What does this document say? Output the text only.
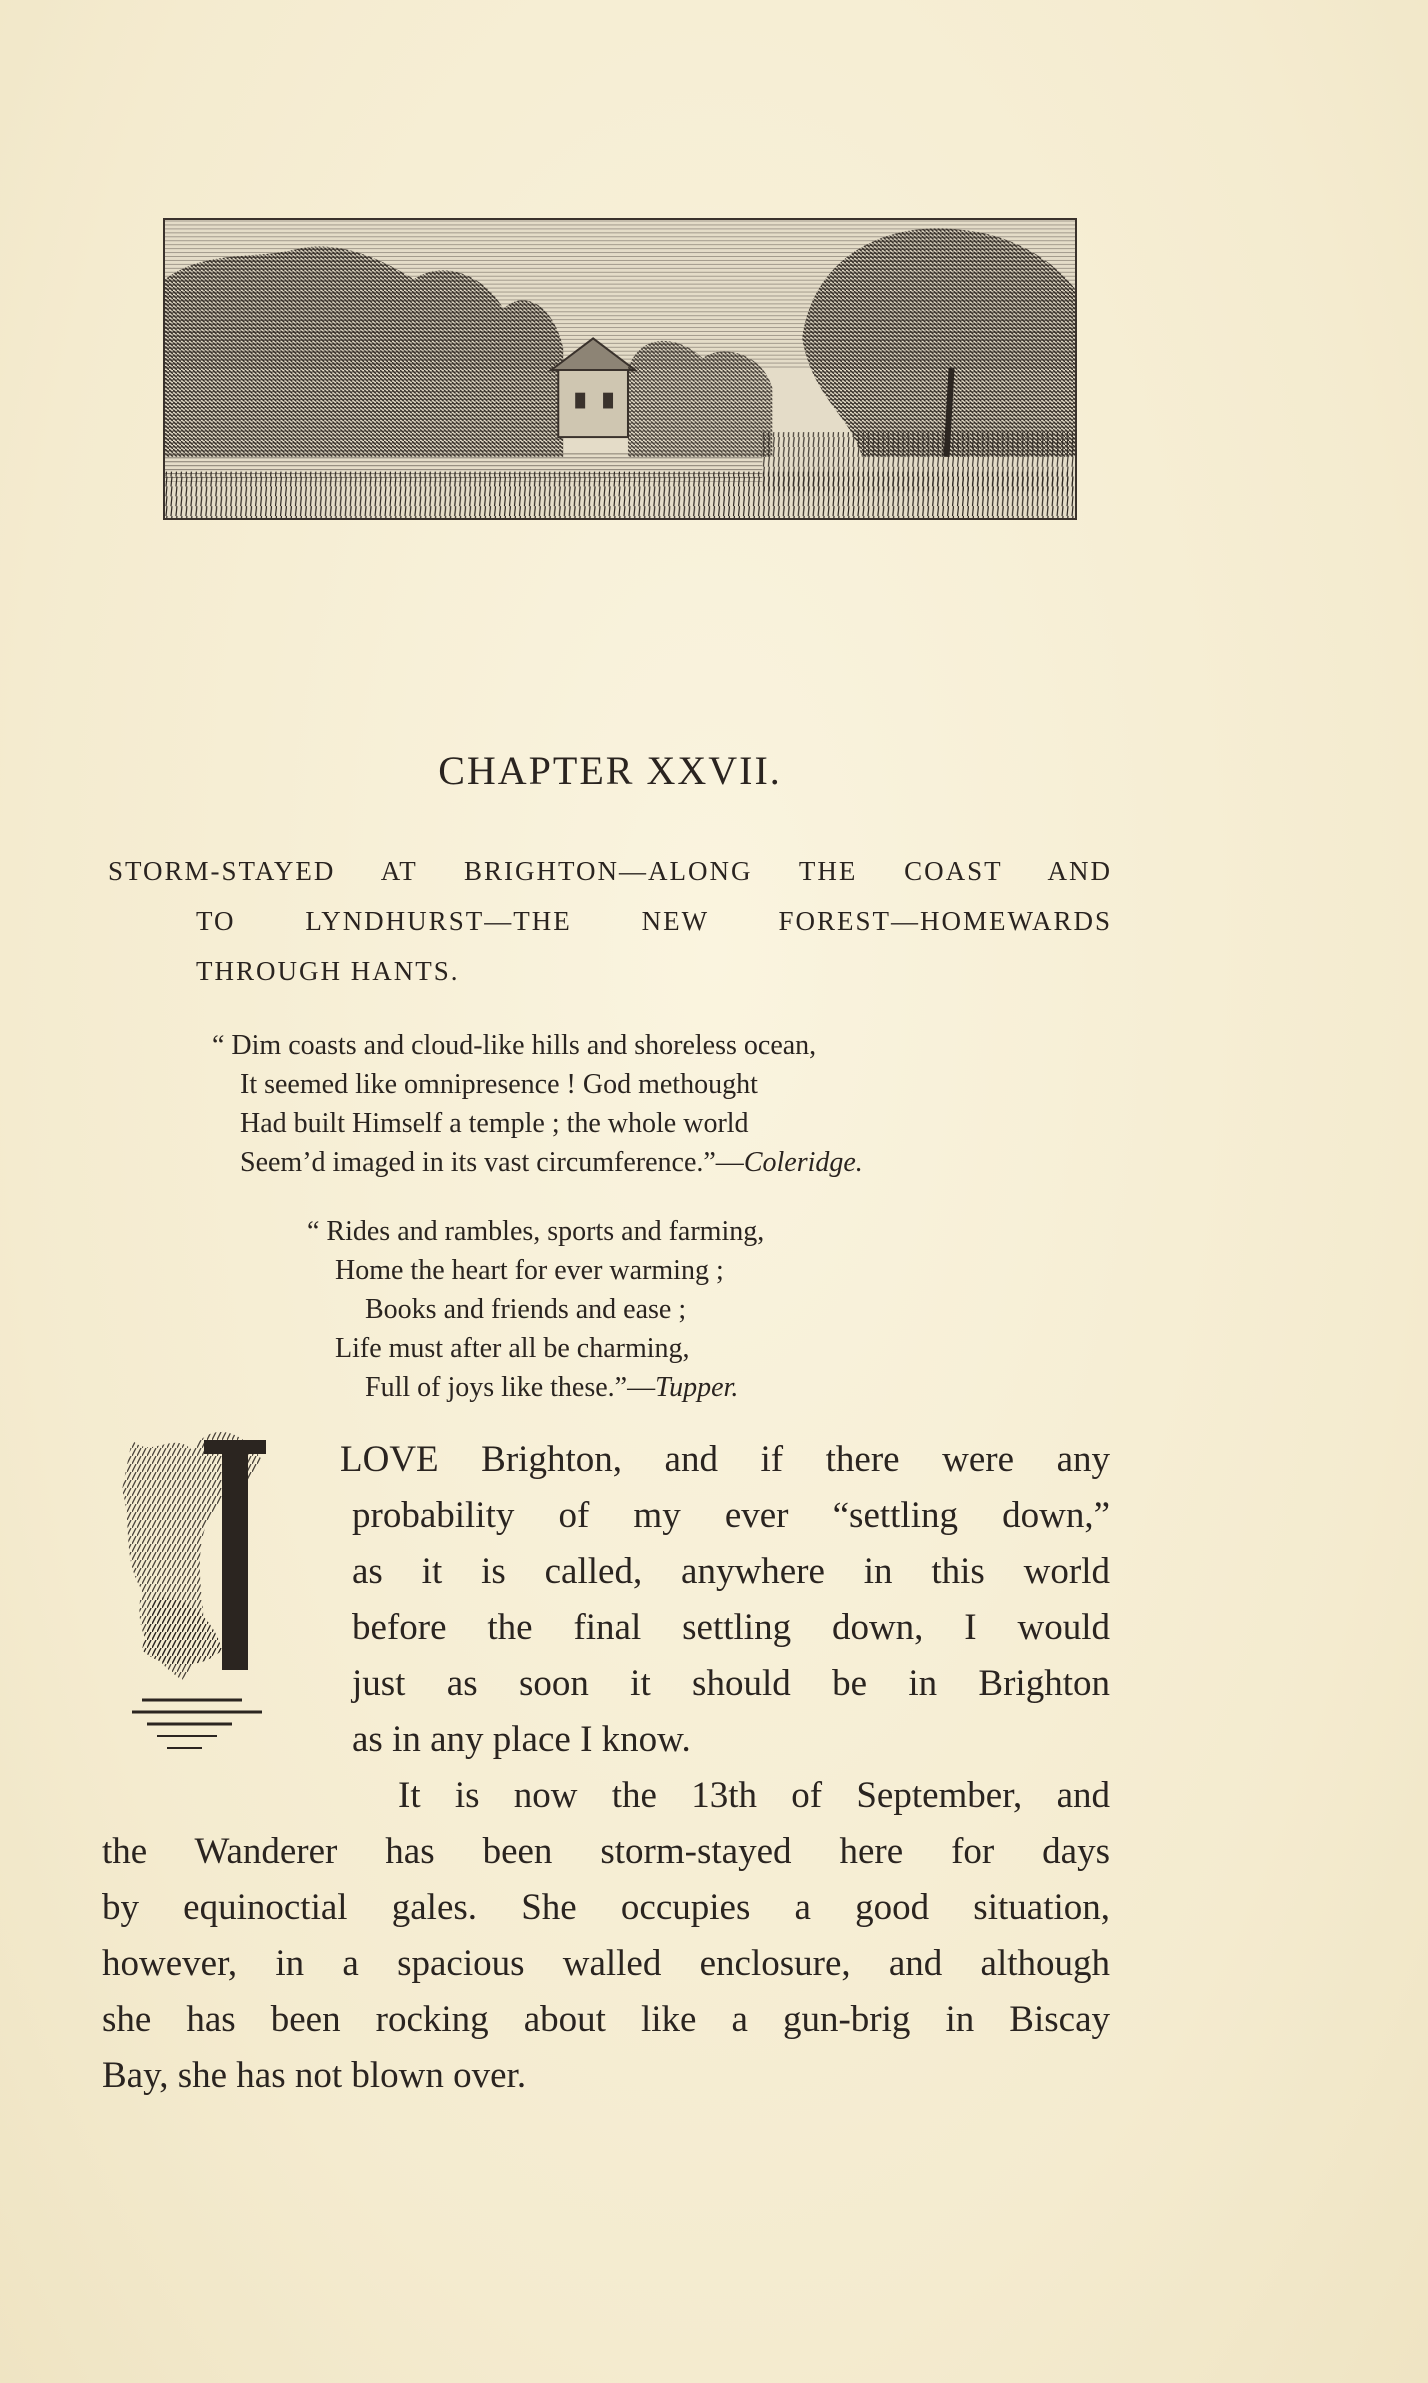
CHAPTER XXVII.
STORM-STAYED AT BRIGHTON—ALONG THE COAST AND
TO LYNDHURST—THE NEW FOREST—HOMEWARDS
THROUGH HANTS.
“ Dim coasts and cloud-like hills and shoreless ocean,
It seemed like omnipresence ! God methought
Had built Himself a temple ; the whole world
Seem’d imaged in its vast circumference.”—Coleridge.
“ Rides and rambles, sports and farming,
Home the heart for ever warming ;
Books and friends and ease ;
Life must after all be charming,
Full of joys like these.”—Tupper.
LOVE Brighton, and if there were any
probability of my ever “settling down,”
as it is called, anywhere in this world
before the final settling down, I would
just as soon it should be in Brighton
as in any place I know.
It is now the 13th of September, and
the Wanderer has been storm-stayed here for days
by equinoctial gales. She occupies a good situation,
however, in a spacious walled enclosure, and although
she has been rocking about like a gun-brig in Biscay
Bay, she has not blown over.
